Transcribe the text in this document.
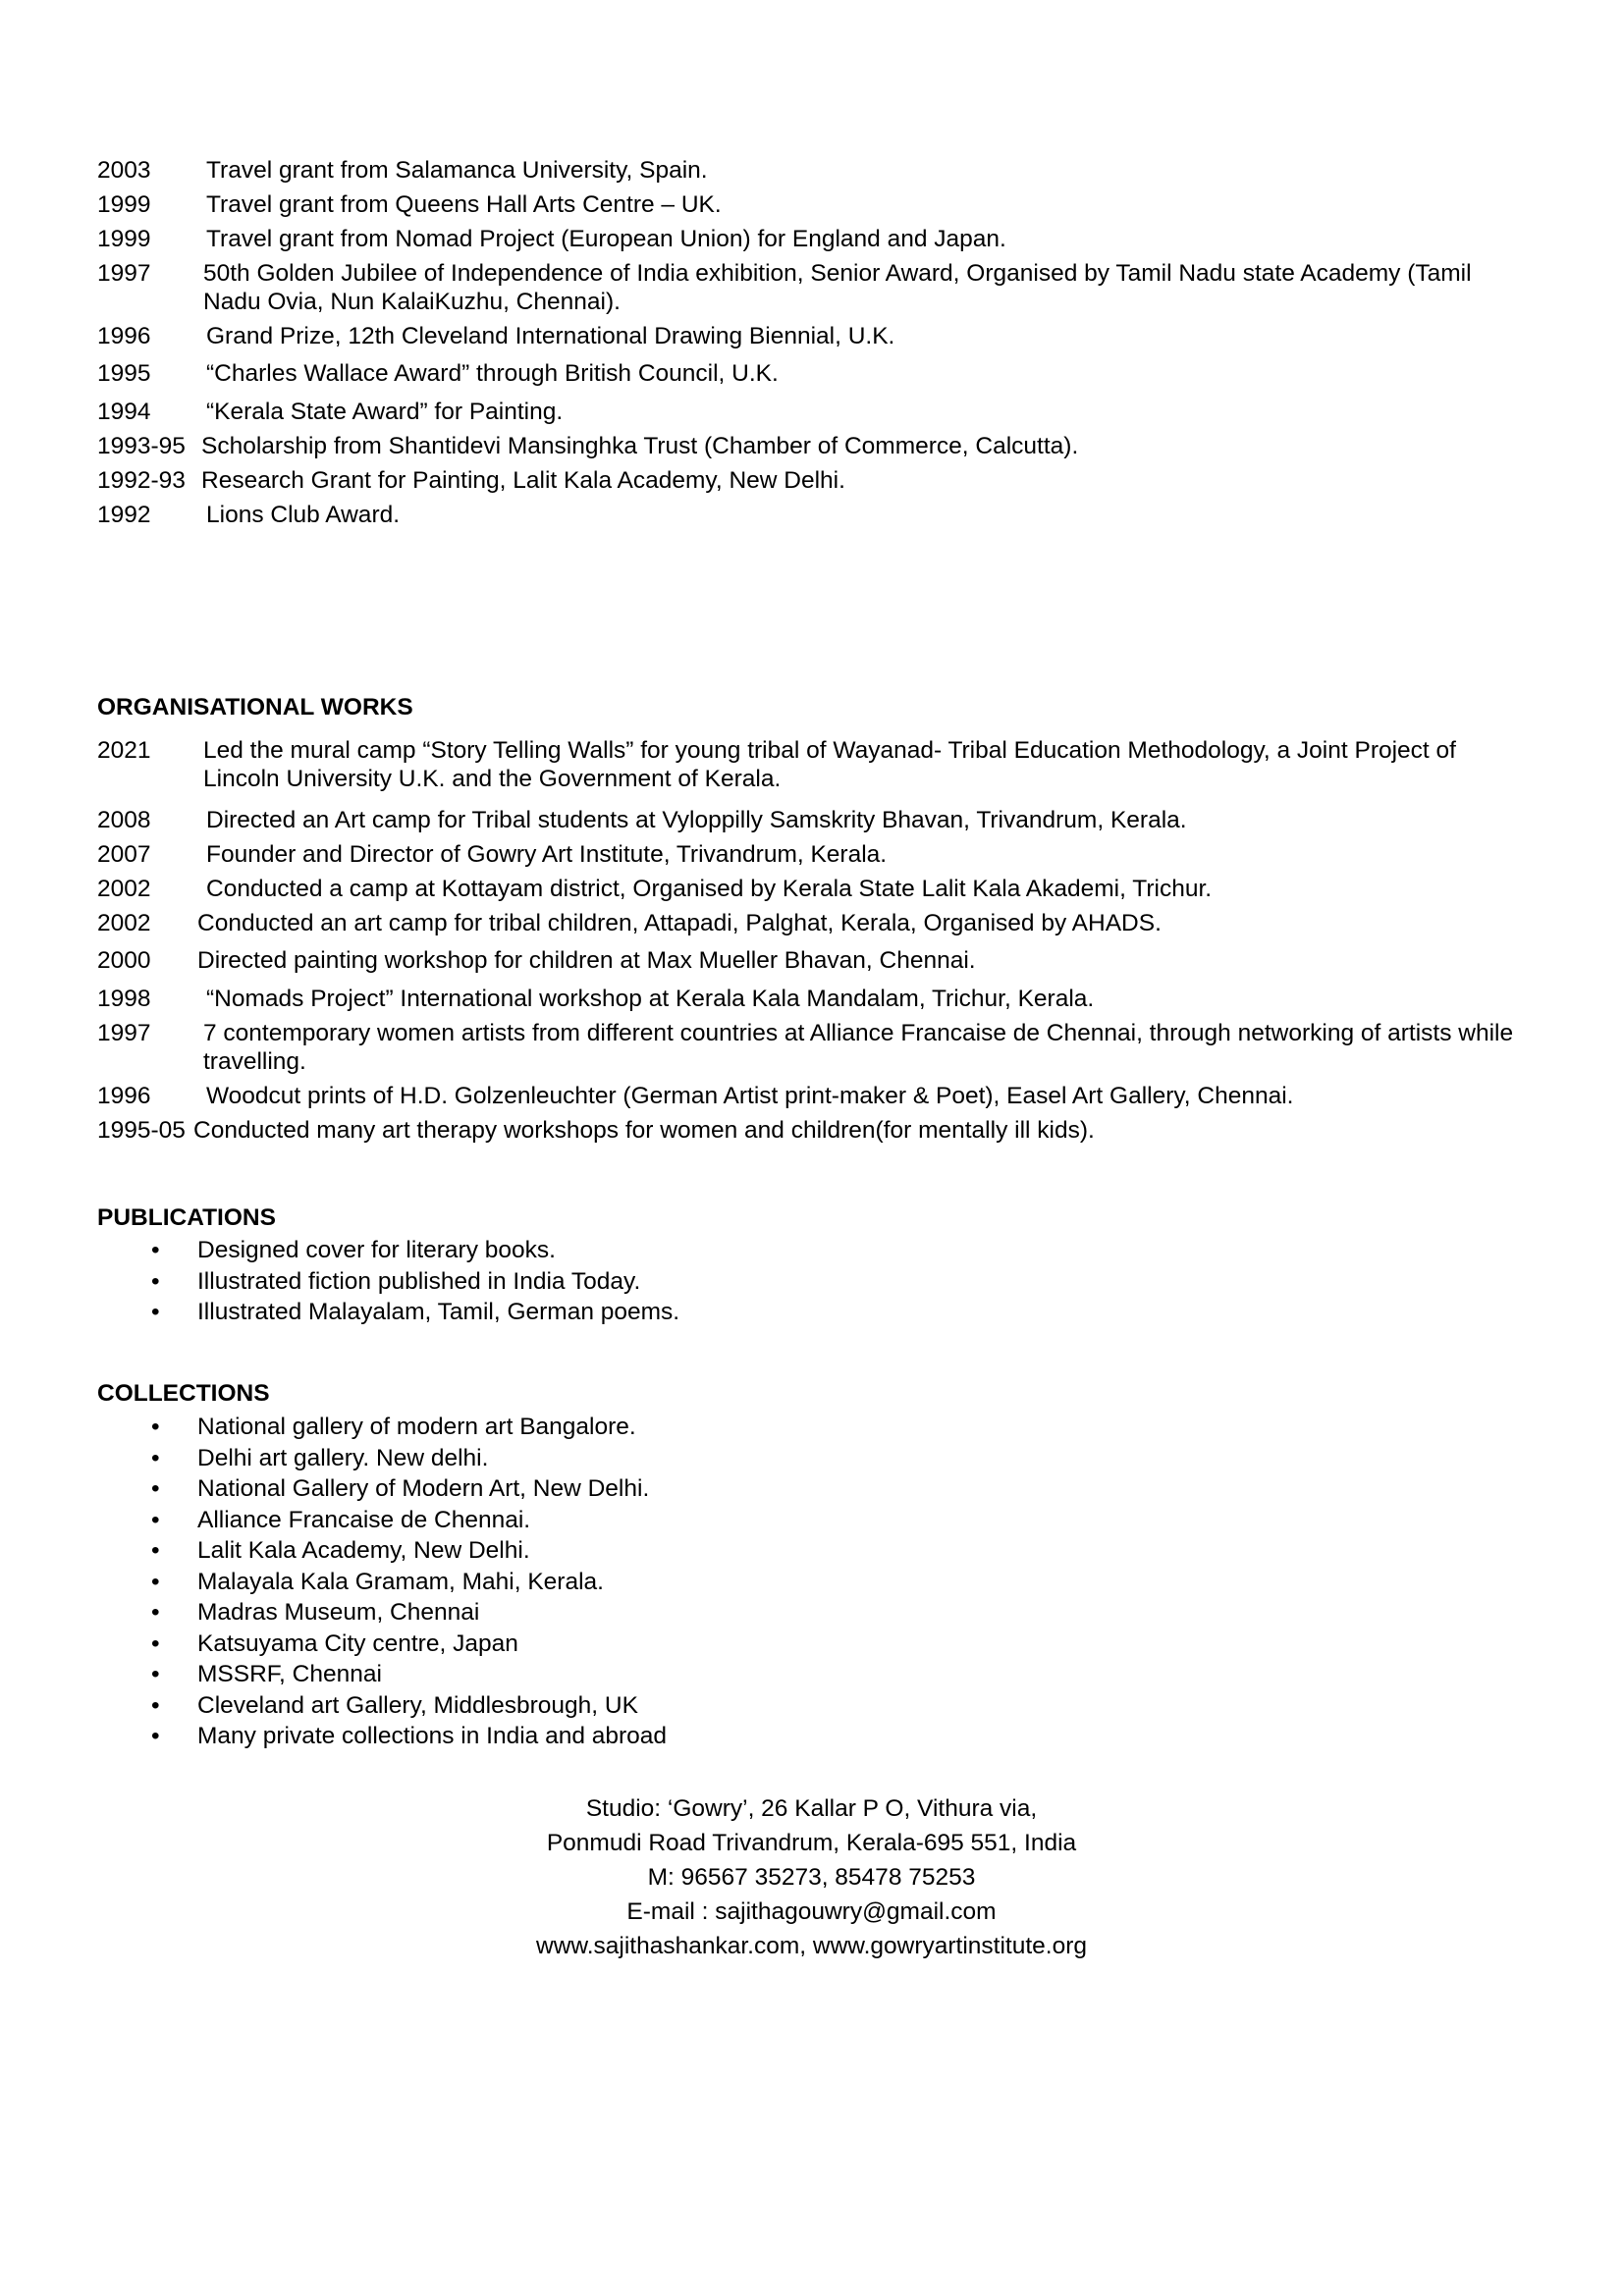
2003	Travel grant from Salamanca University, Spain.
1999	Travel grant from Queens Hall Arts Centre – UK.
1999	Travel grant from Nomad Project (European Union) for England and Japan.
1997	50th Golden Jubilee of Independence of India exhibition, Senior Award, Organised by Tamil Nadu state Academy (Tamil Nadu Ovia, Nun KalaiKuzhu, Chennai).
1996	Grand Prize, 12th Cleveland International Drawing Biennial, U.K.
1995	“Charles Wallace Award” through British Council, U.K.
1994	“Kerala State Award” for Painting.
1993-95 Scholarship from Shantidevi Mansinghka Trust (Chamber of Commerce, Calcutta).
1992-93 Research Grant for Painting, Lalit Kala Academy, New Delhi.
1992	Lions Club Award.
ORGANISATIONAL WORKS
2021	Led the mural camp “Story Telling Walls” for young tribal of Wayanad- Tribal Education Methodology, a Joint Project of Lincoln University U.K. and the Government of Kerala.
2008	Directed an Art camp for Tribal students at Vyloppilly Samskrity Bhavan, Trivandrum, Kerala.
2007	Founder and Director of Gowry Art Institute, Trivandrum, Kerala.
2002	Conducted a camp at Kottayam district, Organised by Kerala State Lalit Kala Akademi, Trichur.
2002	Conducted an art camp for tribal children, Attapadi, Palghat, Kerala, Organised by AHADS.
2000	Directed painting workshop for children at Max Mueller Bhavan, Chennai.
1998	“Nomads Project” International workshop at Kerala Kala Mandalam, Trichur, Kerala.
1997	7 contemporary women artists from different countries at Alliance Francaise de Chennai, through networking of artists while travelling.
1996	Woodcut prints of H.D. Golzenleuchter (German Artist print-maker & Poet), Easel Art Gallery, Chennai.
1995-05 Conducted many art therapy workshops for women and children(for mentally ill kids).
PUBLICATIONS
• Designed cover for literary books.
• Illustrated fiction published in India Today.
• Illustrated Malayalam, Tamil, German poems.
COLLECTIONS
• National gallery of modern art Bangalore.
• Delhi art gallery. New delhi.
• National Gallery of Modern Art, New Delhi.
• Alliance Francaise de Chennai.
• Lalit Kala Academy, New Delhi.
• Malayala Kala Gramam, Mahi, Kerala.
• Madras Museum, Chennai
• Katsuyama City centre, Japan
• MSSRF, Chennai
• Cleveland art Gallery, Middlesbrough, UK
• Many private collections in India and abroad
Studio: ‘Gowry’, 26 Kallar P O, Vithura via,
Ponmudi Road Trivandrum, Kerala-695 551, India
M: 96567 35273, 85478 75253
E-mail : sajithagouwry@gmail.com
www.sajithashankar.com, www.gowryartinstitute.org
